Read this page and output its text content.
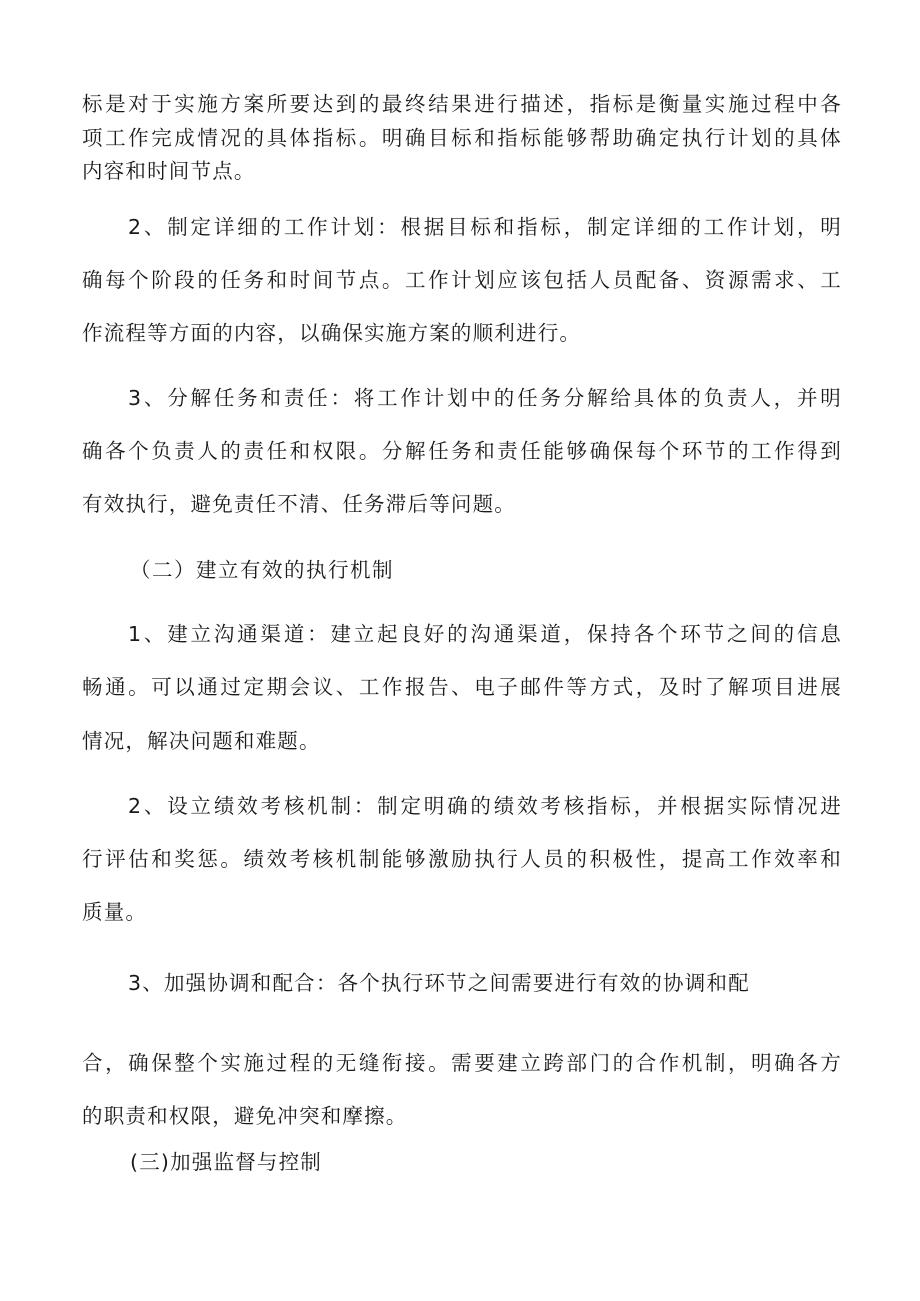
标是对于实施方案所要达到的最终结果进行描述，指标是衡量实施过程中各
项工作完成情况的具体指标。明确目标和指标能够帮助确定执行计划的具体
内容和时间节点。
2、制定详细的工作计划：根据目标和指标，制定详细的工作计划，明
确每个阶段的任务和时间节点。工作计划应该包括人员配备、资源需求、工
作流程等方面的内容，以确保实施方案的顺利进行。
3、分解任务和责任：将工作计划中的任务分解给具体的负责人，并明
确各个负责人的责任和权限。分解任务和责任能够确保每个环节的工作得到
有效执行，避免责任不清、任务滞后等问题。
（二）建立有效的执行机制
1、建立沟通渠道：建立起良好的沟通渠道，保持各个环节之间的信息
畅通。可以通过定期会议、工作报告、电子邮件等方式，及时了解项目进展
情况，解决问题和难题。
2、设立绩效考核机制：制定明确的绩效考核指标，并根据实际情况进
行评估和奖惩。绩效考核机制能够激励执行人员的积极性，提高工作效率和
质量。
3、加强协调和配合：各个执行环节之间需要进行有效的协调和配
合，确保整个实施过程的无缝衔接。需要建立跨部门的合作机制，明确各方
的职责和权限，避免冲突和摩擦。
(三)加强监督与控制
